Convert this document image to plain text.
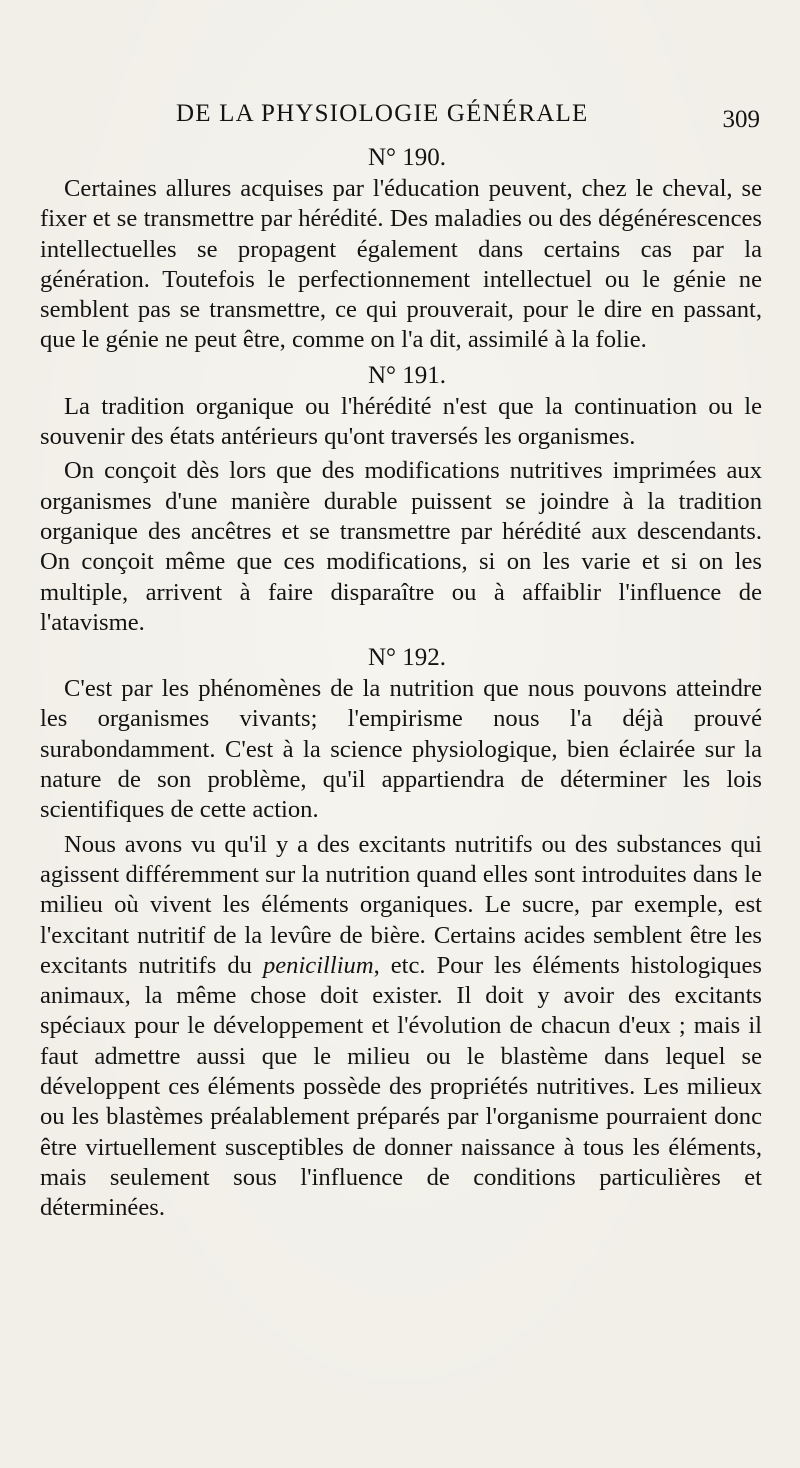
DE LA PHYSIOLOGIE GÉNÉRALE	309

N° 190.

Certaines allures acquises par l'éducation peuvent, chez le cheval, se fixer et se transmettre par hérédité. Des maladies ou des dégénérescences intellectuelles se propagent également dans certains cas par la génération. Toutefois le perfectionnement intellectuel ou le génie ne semblent pas se transmettre, ce qui prouverait, pour le dire en passant, que le génie ne peut être, comme on l'a dit, assimilé à la folie.

N° 191.

La tradition organique ou l'hérédité n'est que la continuation ou le souvenir des états antérieurs qu'ont traversés les organismes.

On conçoit dès lors que des modifications nutritives imprimées aux organismes d'une manière durable puissent se joindre à la tradition organique des ancêtres et se transmettre par hérédité aux descendants. On conçoit même que ces modifications, si on les varie et si on les multiple, arrivent à faire disparaître ou à affaiblir l'influence de l'atavisme.

N° 192.

C'est par les phénomènes de la nutrition que nous pouvons atteindre les organismes vivants; l'empirisme nous l'a déjà prouvé surabondamment. C'est à la science physiologique, bien éclairée sur la nature de son problème, qu'il appartiendra de déterminer les lois scientifiques de cette action.

Nous avons vu qu'il y a des excitants nutritifs ou des substances qui agissent différemment sur la nutrition quand elles sont introduites dans le milieu où vivent les éléments organiques. Le sucre, par exemple, est l'excitant nutritif de la levûre de bière. Certains acides semblent être les excitants nutritifs du penicillium, etc. Pour les éléments histologiques animaux, la même chose doit exister. Il doit y avoir des excitants spéciaux pour le développement et l'évolution de chacun d'eux ; mais il faut admettre aussi que le milieu ou le blastème dans lequel se développent ces éléments possède des propriétés nutritives. Les milieux ou les blastèmes préalablement préparés par l'organisme pourraient donc être virtuellement susceptibles de donner naissance à tous les éléments, mais seulement sous l'influence de conditions particulières et déterminées.
